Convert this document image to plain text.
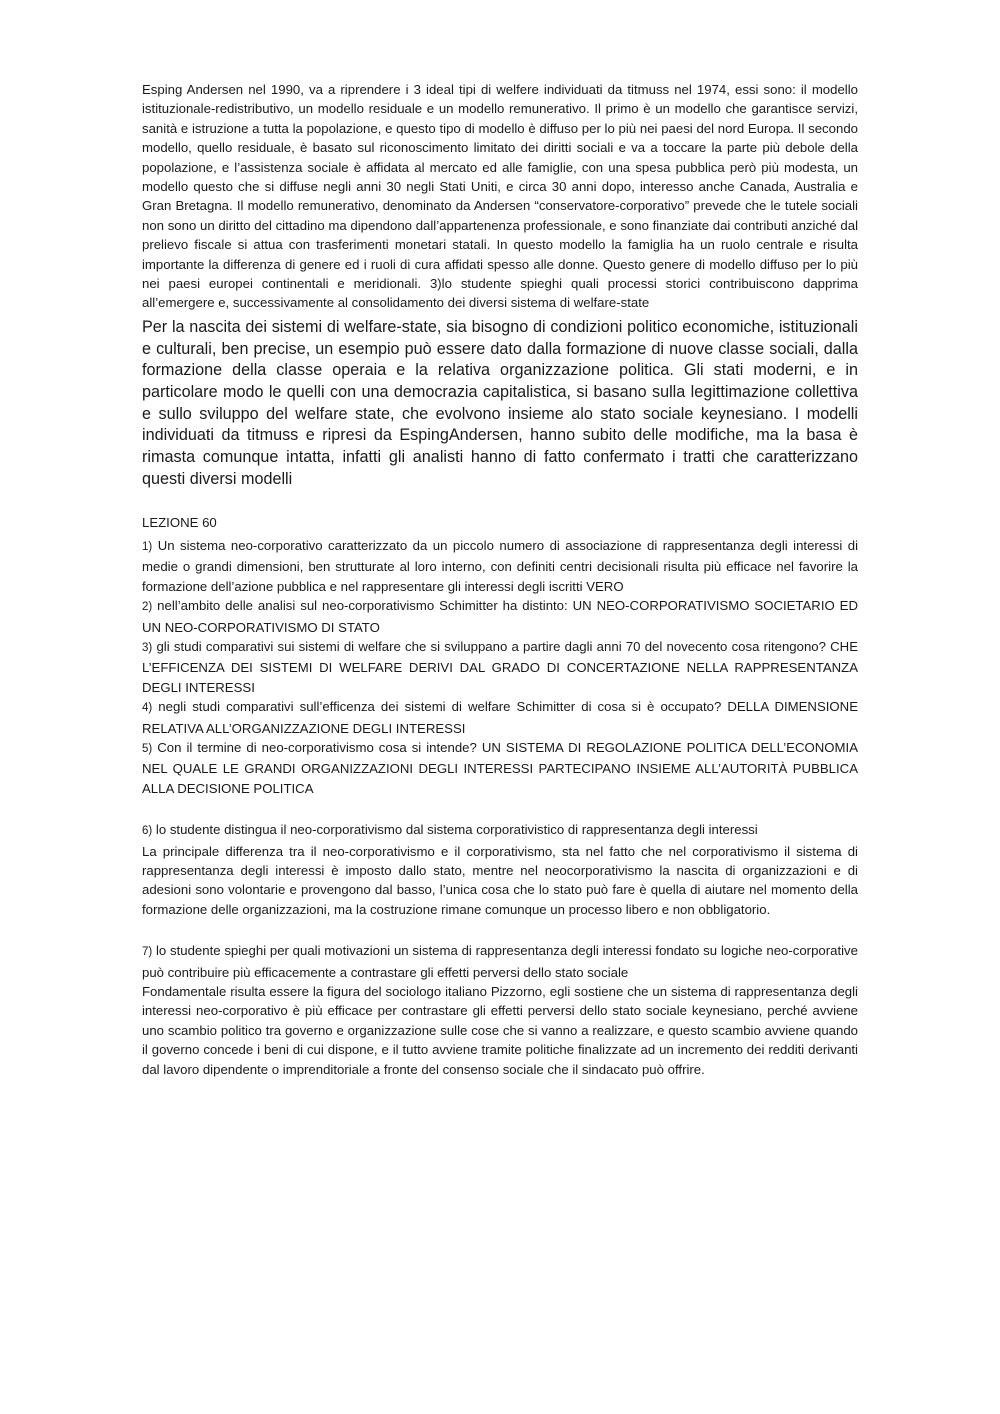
Esping Andersen nel 1990, va a riprendere i 3 ideal tipi di welfere individuati da titmuss nel 1974, essi sono: il modello istituzionale-redistributivo, un modello residuale e un modello remunerativo. Il primo è un modello che garantisce servizi, sanità e istruzione a tutta la popolazione, e questo tipo di modello è diffuso per lo più nei paesi del nord Europa. Il secondo modello, quello residuale, è basato sul riconoscimento limitato dei diritti sociali e va a toccare la parte più debole della popolazione, e l’assistenza sociale è affidata al mercato ed alle famiglie, con una spesa pubblica però più modesta, un modello questo che si diffuse negli anni 30 negli Stati Uniti, e circa 30 anni dopo, interesso anche Canada, Australia e Gran Bretagna. Il modello remunerativo, denominato da Andersen “conservatore-corporativo” prevede che le tutele sociali non sono un diritto del cittadino ma dipendono dall’appartenenza professionale, e sono finanziate dai contributi anziché dal prelievo fiscale si attua con trasferimenti monetari statali. In questo modello la famiglia ha un ruolo centrale e risulta importante la differenza di genere ed i ruoli di cura affidati spesso alle donne. Questo genere di modello diffuso per lo più nei paesi europei continentali e meridionali. 3)lo studente spieghi quali processi storici contribuiscono dapprima all’emergere e, successivamente al consolidamento dei diversi sistema di welfare-state

Per la nascita dei sistemi di welfare-state, sia bisogno di condizioni politico economiche, istituzionali e culturali, ben precise, un esempio può essere dato dalla formazione di nuove classe sociali, dalla formazione della classe operaia e la relativa organizzazione politica. Gli stati moderni, e in particolare modo le quelli con una democrazia capitalistica, si basano sulla legittimazione collettiva e sullo sviluppo del welfare state, che evolvono insieme alo stato sociale keynesiano. I modelli individuati da titmuss e ripresi da EspingAndersen, hanno subito delle modifiche, ma la basa è rimasta comunque intatta, infatti gli analisti hanno di fatto confermato i tratti che caratterizzano questi diversi modelli

LEZIONE 60

1) Un sistema neo-corporativo caratterizzato da un piccolo numero di associazione di rappresentanza degli interessi di medie o grandi dimensioni, ben strutturate al loro interno, con definiti centri decisionali risulta più efficace nel favorire la formazione dell’azione pubblica e nel rappresentare gli interessi degli iscritti VERO

2) nell’ambito delle analisi sul neo-corporativismo Schimitter ha distinto: UN NEO-CORPORATIVISMO SOCIETARIO ED UN NEO-CORPORATIVISMO DI STATO

3) gli studi comparativi sui sistemi di welfare che si sviluppano a partire dagli anni 70 del novecento cosa ritengono? CHE L’EFFICENZA DEI SISTEMI DI WELFARE DERIVI DAL GRADO DI CONCERTAZIONE NELLA RAPPRESENTANZA DEGLI INTERESSI

4) negli studi comparativi sull’efficenza dei sistemi di welfare Schimitter di cosa si è occupato? DELLA DIMENSIONE RELATIVA ALL’ORGANIZZAZIONE DEGLI INTERESSI

5) Con il termine di neo-corporativismo cosa si intende? UN SISTEMA DI REGOLAZIONE POLITICA DELL’ECONOMIA NEL QUALE LE GRANDI ORGANIZZAZIONI DEGLI INTERESSI PARTECIPANO INSIEME ALL’AUTORITÀ PUBBLICA ALLA DECISIONE POLITICA

6) lo studente distingua il neo-corporativismo dal sistema corporativistico di rappresentanza degli interessi

La principale differenza tra il neo-corporativismo e il corporativismo, sta nel fatto che nel corporativismo il sistema di rappresentanza degli interessi è imposto dallo stato, mentre nel neocorporativismo la nascita di organizzazioni e di adesioni sono volontarie e provengono dal basso, l’unica cosa che lo stato può fare è quella di aiutare nel momento della formazione delle organizzazioni, ma la costruzione rimane comunque un processo libero e non obbligatorio.

7) lo studente spieghi per quali motivazioni un sistema di rappresentanza degli interessi fondato su logiche neo-corporative può contribuire più efficacemente a contrastare gli effetti perversi dello stato sociale

Fondamentale risulta essere la figura del sociologo italiano Pizzorno, egli sostiene che un sistema di rappresentanza degli interessi neo-corporativo è più efficace per contrastare gli effetti perversi dello stato sociale keynesiano, perché avviene uno scambio politico tra governo e organizzazione sulle cose che si vanno a realizzare, e questo scambio avviene quando il governo concede i beni di cui dispone, e il tutto avviene tramite politiche finalizzate ad un incremento dei redditi derivanti dal lavoro dipendente o imprenditoriale a fronte del consenso sociale che il sindacato può offrire.
